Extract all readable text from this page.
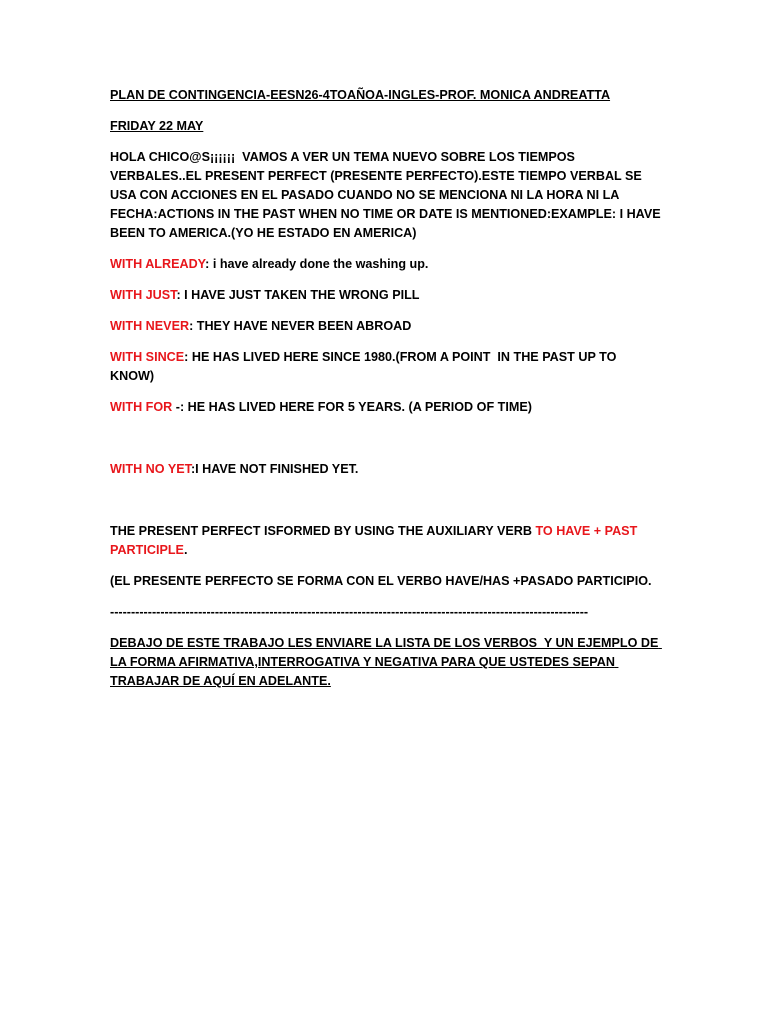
PLAN DE CONTINGENCIA-EESN26-4TOAÑOA-INGLES-PROF. MONICA ANDREATTA

FRIDAY 22 MAY

HOLA CHICO@S¡¡¡¡¡¡  VAMOS A VER UN TEMA NUEVO SOBRE LOS TIEMPOS VERBALES..EL PRESENT PERFECT (PRESENTE PERFECTO).ESTE TIEMPO VERBAL SE USA CON ACCIONES EN EL PASADO CUANDO NO SE MENCIONA NI LA HORA NI LA FECHA:ACTIONS IN THE PAST WHEN NO TIME OR DATE IS MENTIONED:EXAMPLE: I HAVE BEEN TO AMERICA.(YO HE ESTADO EN AMERICA)

WITH ALREADY: i have already done the washing up.

WITH JUST: I HAVE JUST TAKEN THE WRONG PILL

WITH NEVER: THEY HAVE NEVER BEEN ABROAD

WITH SINCE: HE HAS LIVED HERE SINCE 1980.(FROM A POINT  IN THE PAST UP TO KNOW)

WITH FOR -: HE HAS LIVED HERE FOR 5 YEARS. (A PERIOD OF TIME)

WITH NO YET:I HAVE NOT FINISHED YET.

THE PRESENT PERFECT ISFORMED BY USING THE AUXILIARY VERB TO HAVE + PAST PARTICIPLE.

(EL PRESENTE PERFECTO SE FORMA CON EL VERBO HAVE/HAS +PASADO PARTICIPIO.

------------------------------------------------------------------------------------------------------------------

DEBAJO DE ESTE TRABAJO LES ENVIARE LA LISTA DE LOS VERBOS  Y UN EJEMPLO DE LA FORMA AFIRMATIVA,INTERROGATIVA Y NEGATIVA PARA QUE USTEDES SEPAN TRABAJAR DE AQUÍ EN ADELANTE.
